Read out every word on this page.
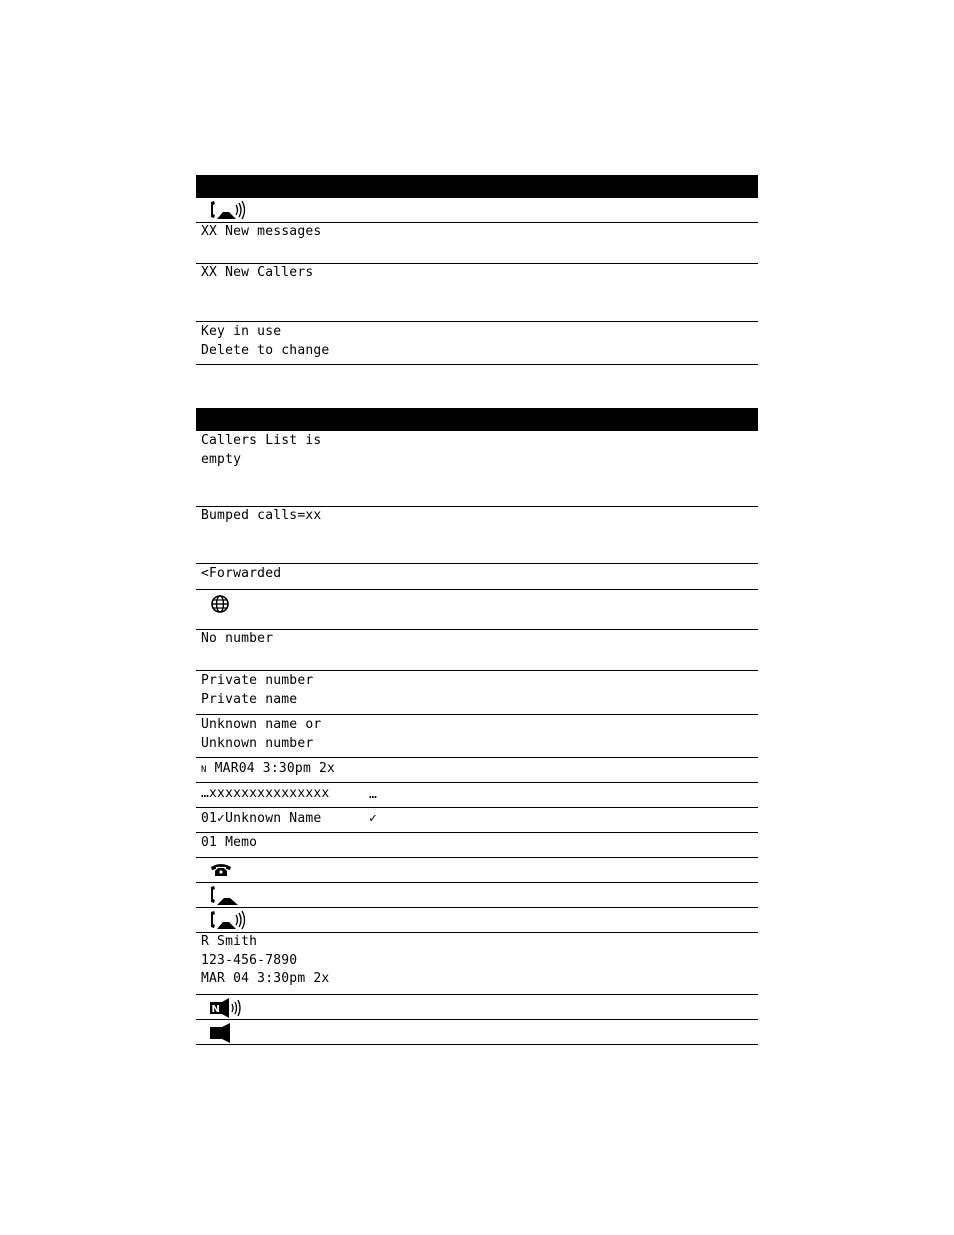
XX New messages
XX New Callers
Key in use
Delete to change
Callers List is
empty
Bumped calls=xx
<Forwarded
No number
Private number
Private name
Unknown name or
Unknown number
N MAR04 3:30pm 2x
…xxxxxxxxxxxxxxx	…
01✓Unknown Name	✓
01 Memo
R Smith
123-456-7890
MAR 04 3:30pm 2x
N
